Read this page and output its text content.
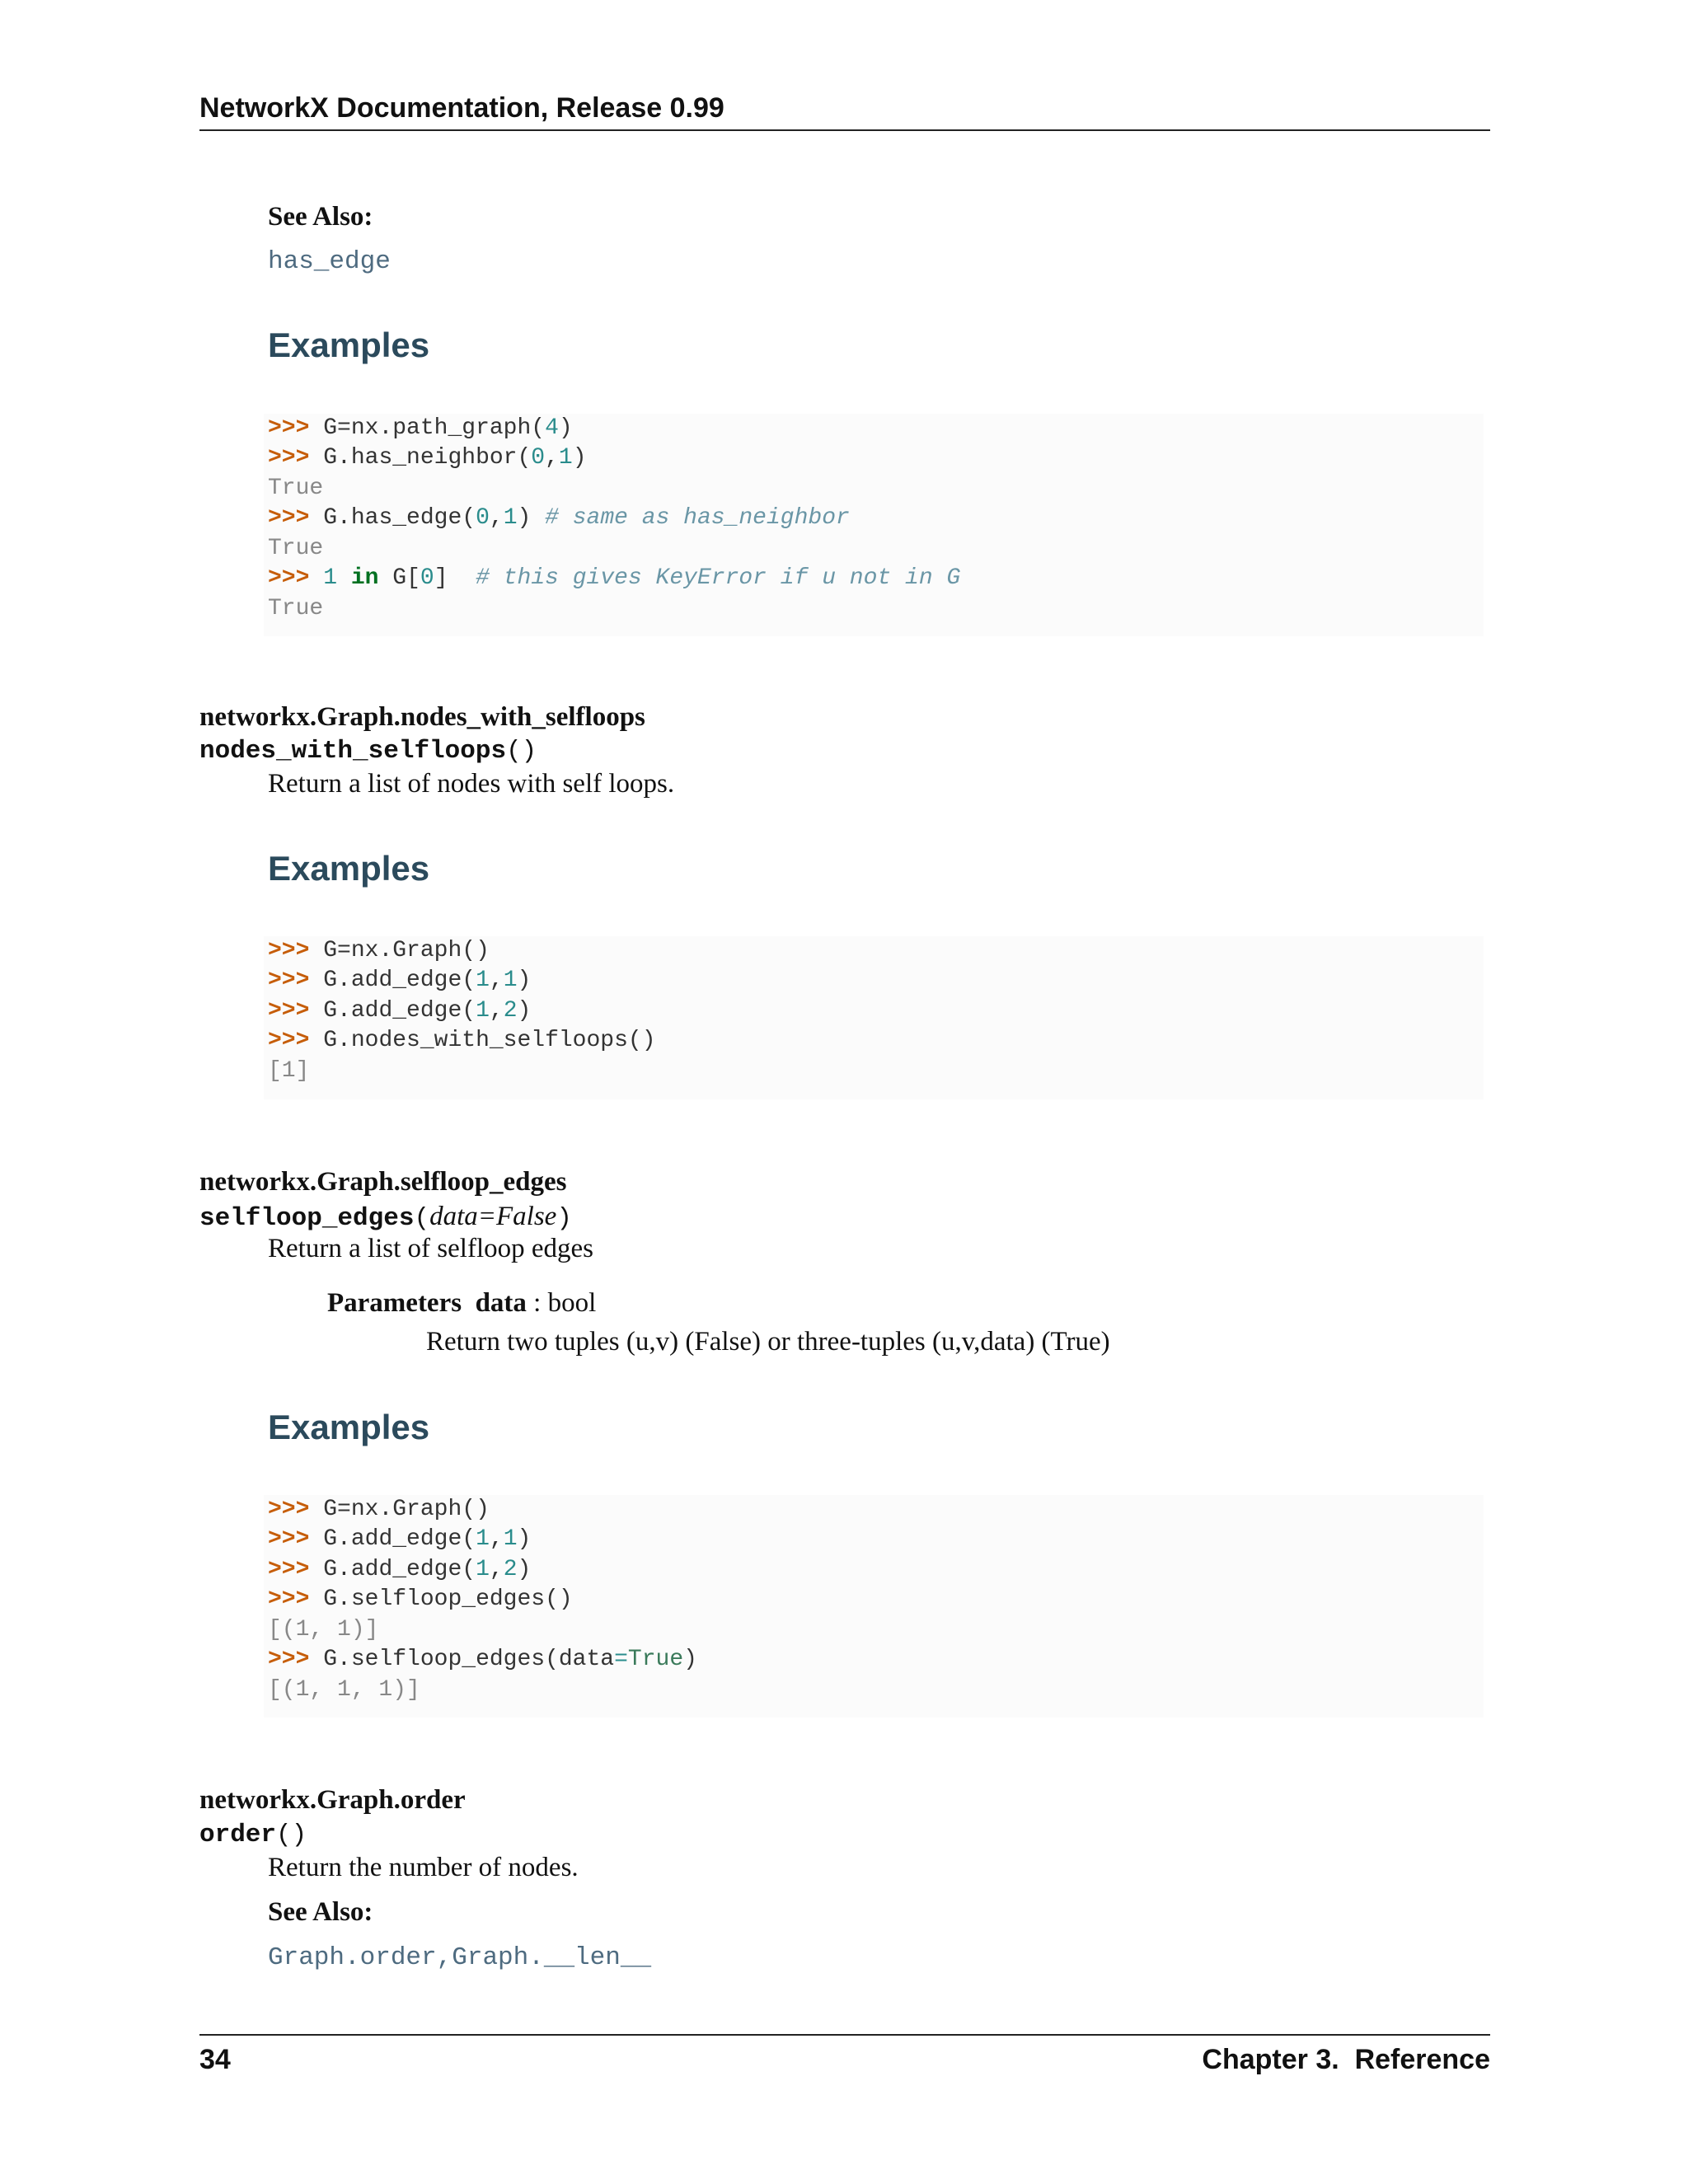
NetworkX Documentation, Release 0.99
See Also:
has_edge
Examples
>>> G=nx.path_graph(4)
>>> G.has_neighbor(0,1)
True
>>> G.has_edge(0,1) # same as has_neighbor
True
>>> 1 in G[0] # this gives KeyError if u not in G
True
networkx.Graph.nodes_with_selfloops
nodes_with_selfloops()
Return a list of nodes with self loops.
Examples
>>> G=nx.Graph()
>>> G.add_edge(1,1)
>>> G.add_edge(1,2)
>>> G.nodes_with_selfloops()
[1]
networkx.Graph.selfloop_edges
selfloop_edges(data=False)
Return a list of selfloop edges
Parameters data : bool
Return two tuples (u,v) (False) or three-tuples (u,v,data) (True)
Examples
>>> G=nx.Graph()
>>> G.add_edge(1,1)
>>> G.add_edge(1,2)
>>> G.selfloop_edges()
[(1, 1)]
>>> G.selfloop_edges(data=True)
[(1, 1, 1)]
networkx.Graph.order
order()
Return the number of nodes.
See Also:
Graph.order,Graph.__len__
34	Chapter 3.  Reference
